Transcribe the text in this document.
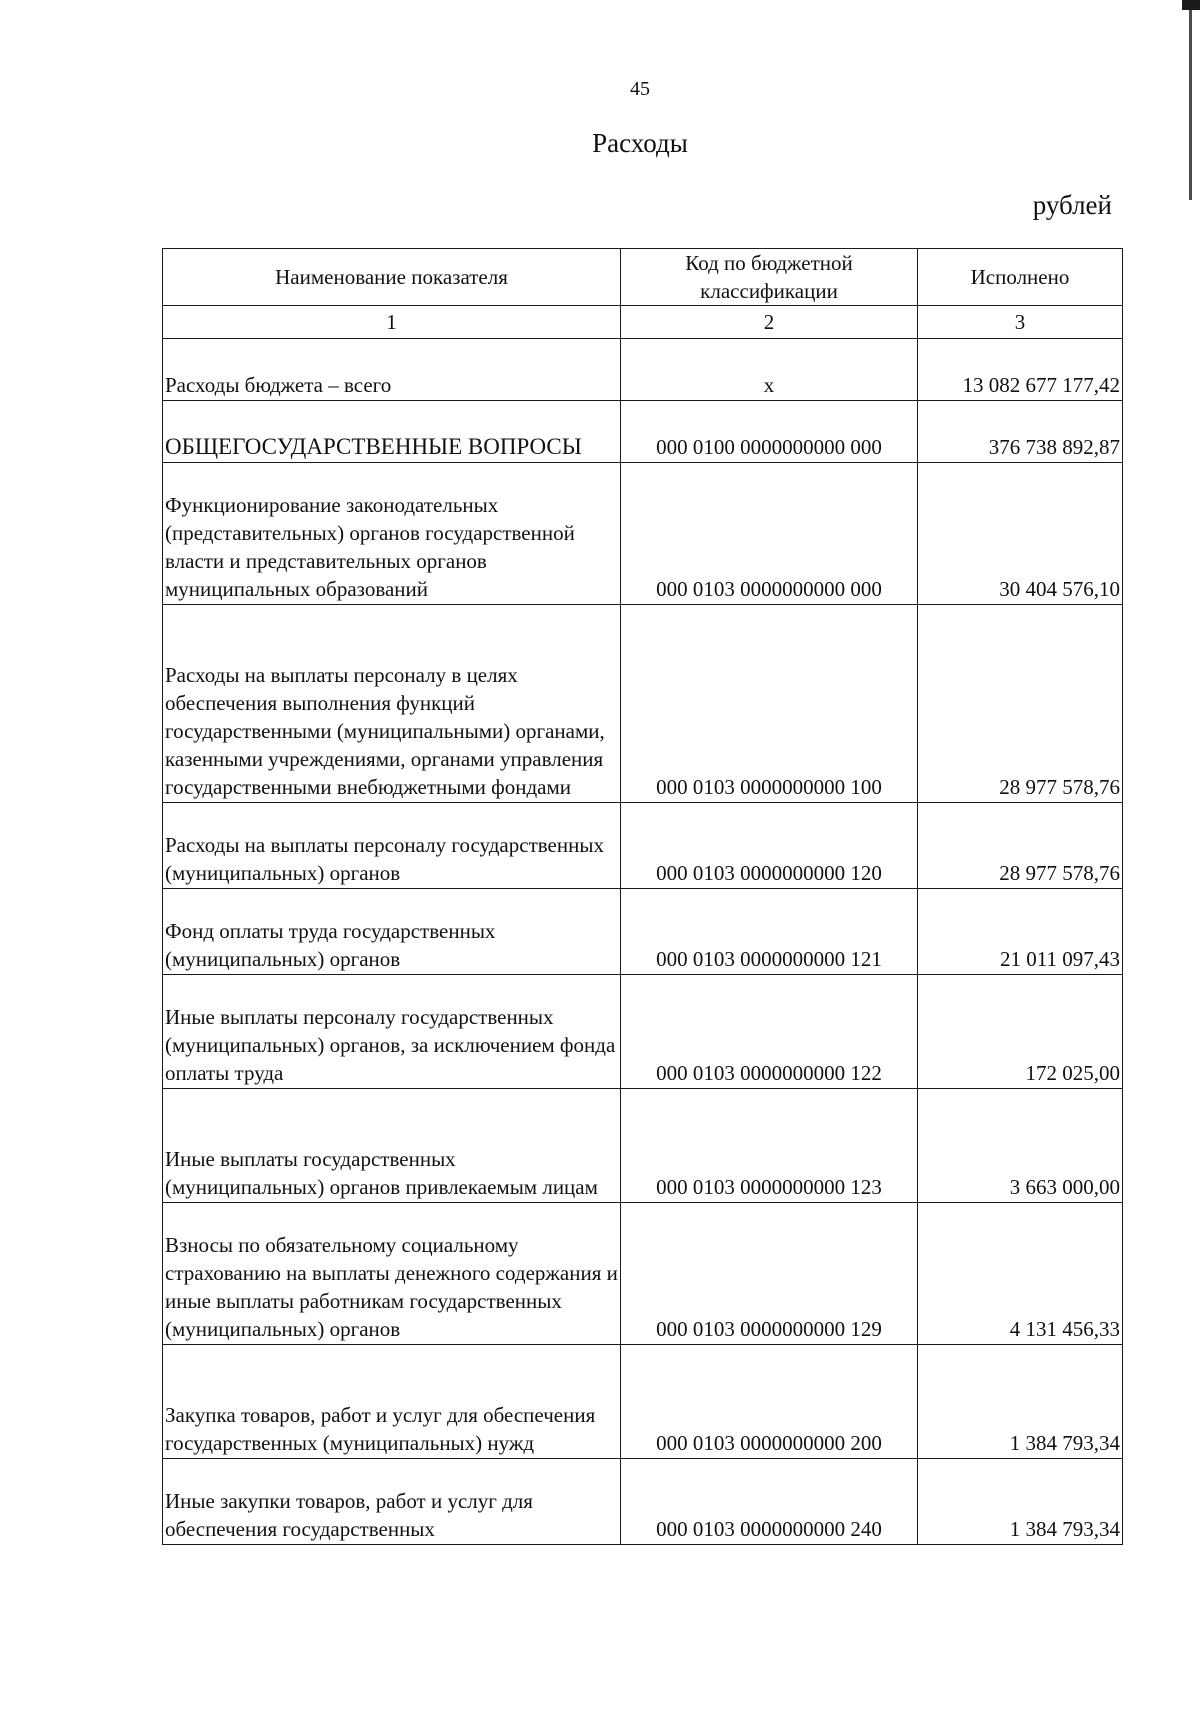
45
Расходы
рублей
Наименование показателя	Код по бюджетной классификации	Исполнено
1	2	3
Расходы бюджета – всего	х	13 082 677 177,42
ОБЩЕГОСУДАРСТВЕННЫЕ ВОПРОСЫ	000 0100 0000000000 000	376 738 892,87
Функционирование законодательных (представительных) органов государственной власти и представительных органов муниципальных образований	000 0103 0000000000 000	30 404 576,10
Расходы на выплаты персоналу в целях обеспечения выполнения функций государственными (муниципальными) органами, казенными учреждениями, органами управления государственными внебюджетными фондами	000 0103 0000000000 100	28 977 578,76
Расходы на выплаты персоналу государственных (муниципальных) органов	000 0103 0000000000 120	28 977 578,76
Фонд оплаты труда государственных (муниципальных) органов	000 0103 0000000000 121	21 011 097,43
Иные выплаты персоналу государственных (муниципальных) органов, за исключением фонда оплаты труда	000 0103 0000000000 122	172 025,00
Иные выплаты государственных (муниципальных) органов привлекаемым лицам	000 0103 0000000000 123	3 663 000,00
Взносы по обязательному социальному страхованию на выплаты денежного содержания и иные выплаты работникам государственных (муниципальных) органов	000 0103 0000000000 129	4 131 456,33
Закупка товаров, работ и услуг для обеспечения государственных (муниципальных) нужд	000 0103 0000000000 200	1 384 793,34
Иные закупки товаров, работ и услуг для обеспечения государственных	000 0103 0000000000 240	1 384 793,34
